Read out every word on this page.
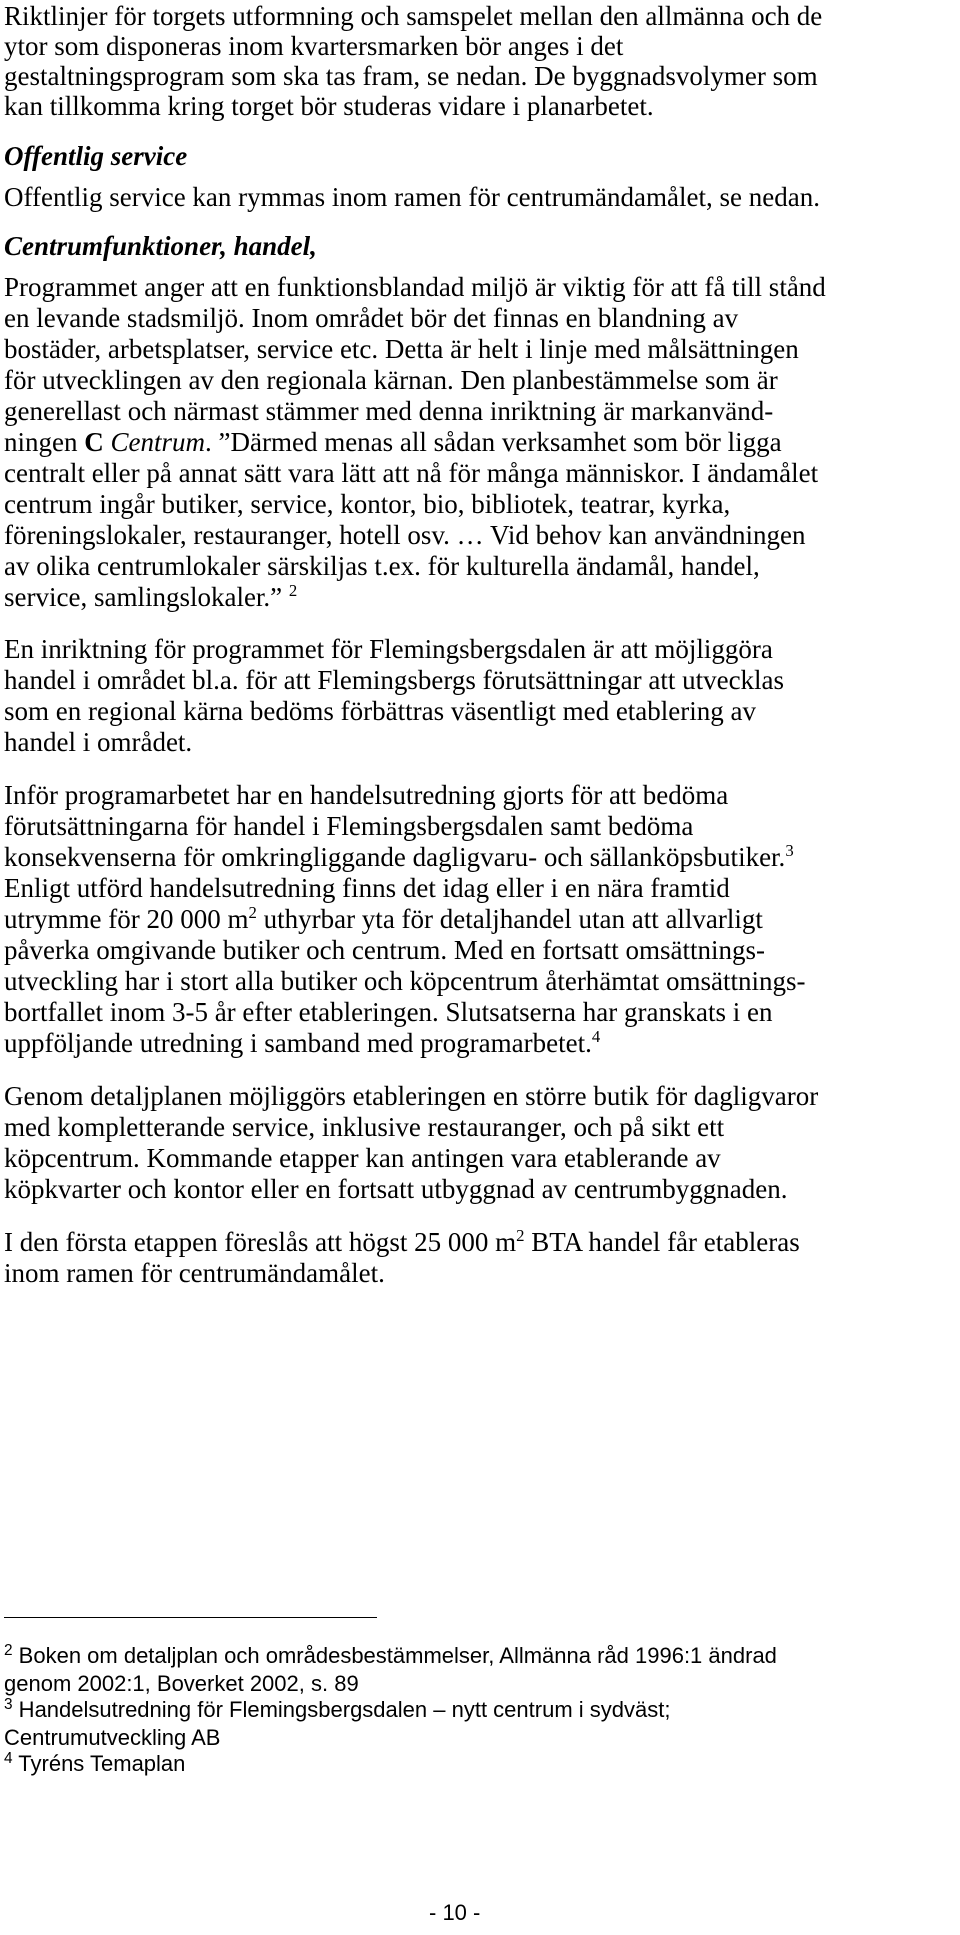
Riktlinjer för torgets utformning och samspelet mellan den allmänna och de
ytor som disponeras inom kvartersmarken bör anges i det
gestaltningsprogram som ska tas fram, se nedan. De byggnadsvolymer som
kan tillkomma kring torget bör studeras vidare i planarbetet.
Offentlig service
Offentlig service kan rymmas inom ramen för centrumändamålet, se nedan.
Centrumfunktioner, handel,
Programmet anger att en funktionsblandad miljö är viktig för att få till stånd
en levande stadsmiljö. Inom området bör det finnas en blandning av
bostäder, arbetsplatser, service etc. Detta är helt i linje med målsättningen
för utvecklingen av den regionala kärnan. Den planbestämmelse som är
generellast och närmast stämmer med denna inriktning är markanvänd-
ningen C Centrum. ”Därmed menas all sådan verksamhet som bör ligga
centralt eller på annat sätt vara lätt att nå för många människor. I ändamålet
centrum ingår butiker, service, kontor, bio, bibliotek, teatrar, kyrka,
föreningslokaler, restauranger, hotell osv. … Vid behov kan användningen
av olika centrumlokaler särskiljas t.ex. för kulturella ändamål, handel,
service, samlingslokaler.” $^2$
En inriktning för programmet för Flemingsbergsdalen är att möjliggöra
handel i området bl.a. för att Flemingsbergs förutsättningar att utvecklas
som en regional kärna bedöms förbättras väsentligt med etablering av
handel i området.
Inför programarbetet har en handelsutredning gjorts för att bedöma
förutsättningarna för handel i Flemingsbergsdalen samt bedöma
konsekvenserna för omkringliggande dagligvaru- och sällanköpsbutiker.$^3$
Enligt utförd handelsutredning finns det idag eller i en nära framtid
utrymme för 20 000 $m^2$ uthyrbar yta för detaljhandel utan att allvarligt
påverka omgivande butiker och centrum. Med en fortsatt omsättnings-
utveckling har i stort alla butiker och köpcentrum återhämtat omsättnings-
bortfallet inom 3-5 år efter etableringen. Slutsatserna har granskats i en
uppföljande utredning i samband med programarbetet.$^4$
Genom detaljplanen möjliggörs etableringen en större butik för dagligvaror
med kompletterande service, inklusive restauranger, och på sikt ett
köpcentrum. Kommande etapper kan antingen vara etablerande av
köpkvarter och kontor eller en fortsatt utbyggnad av centrumbyggnaden.
I den första etappen föreslås att högst 25 000 $m^2$ BTA handel får etableras
inom ramen för centrumändamålet.
$^2$ Boken om detaljplan och områdesbestämmelser, Allmänna råd 1996:1 ändrad
genom 2002:1, Boverket 2002, s. 89
$^3$ Handelsutredning för Flemingsbergsdalen – nytt centrum i sydväst;
Centrumutveckling AB
$^4$ Tyréns Temaplan
- 10 -
